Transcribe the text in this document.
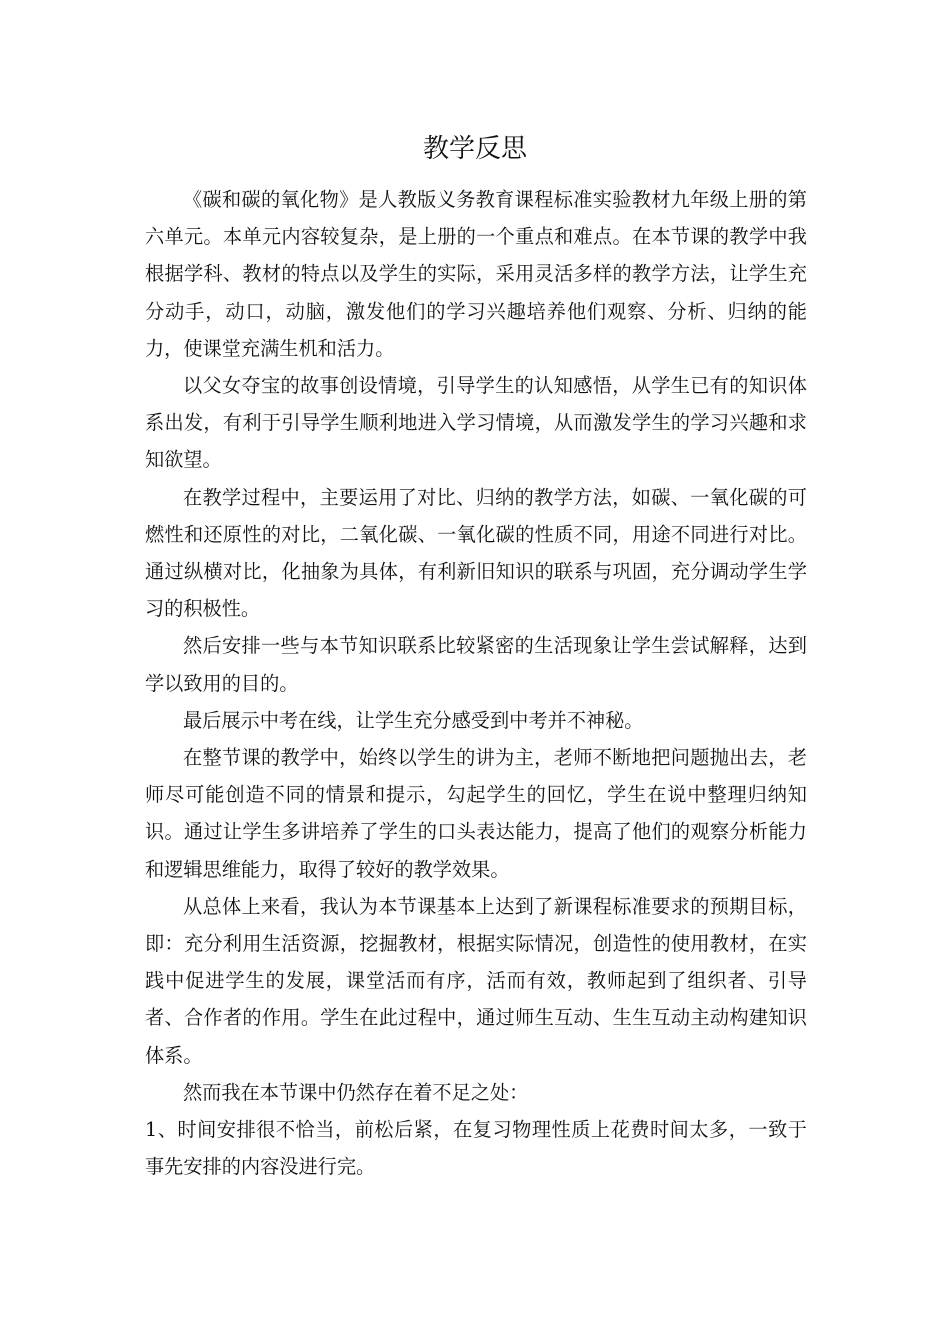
教学反思

《碳和碳的氧化物》是人教版义务教育课程标准实验教材九年级上册的第六单元。本单元内容较复杂，是上册的一个重点和难点。在本节课的教学中我根据学科、教材的特点以及学生的实际，采用灵活多样的教学方法，让学生充分动手，动口，动脑，激发他们的学习兴趣培养他们观察、分析、归纳的能力，使课堂充满生机和活力。

以父女夺宝的故事创设情境，引导学生的认知感悟，从学生已有的知识体系出发，有利于引导学生顺利地进入学习情境，从而激发学生的学习兴趣和求知欲望。

在教学过程中，主要运用了对比、归纳的教学方法，如碳、一氧化碳的可燃性和还原性的对比，二氧化碳、一氧化碳的性质不同，用途不同进行对比。通过纵横对比，化抽象为具体，有利新旧知识的联系与巩固，充分调动学生学习的积极性。

然后安排一些与本节知识联系比较紧密的生活现象让学生尝试解释，达到学以致用的目的。

最后展示中考在线，让学生充分感受到中考并不神秘。

在整节课的教学中，始终以学生的讲为主，老师不断地把问题抛出去，老师尽可能创造不同的情景和提示，勾起学生的回忆，学生在说中整理归纳知识。通过让学生多讲培养了学生的口头表达能力，提高了他们的观察分析能力和逻辑思维能力，取得了较好的教学效果。

从总体上来看，我认为本节课基本上达到了新课程标准要求的预期目标，即：充分利用生活资源，挖掘教材，根据实际情况，创造性的使用教材，在实践中促进学生的发展，课堂活而有序，活而有效，教师起到了组织者、引导者、合作者的作用。学生在此过程中，通过师生互动、生生互动主动构建知识体系。

然而我在本节课中仍然存在着不足之处：

1、时间安排很不恰当，前松后紧，在复习物理性质上花费时间太多，一致于事先安排的内容没进行完。
